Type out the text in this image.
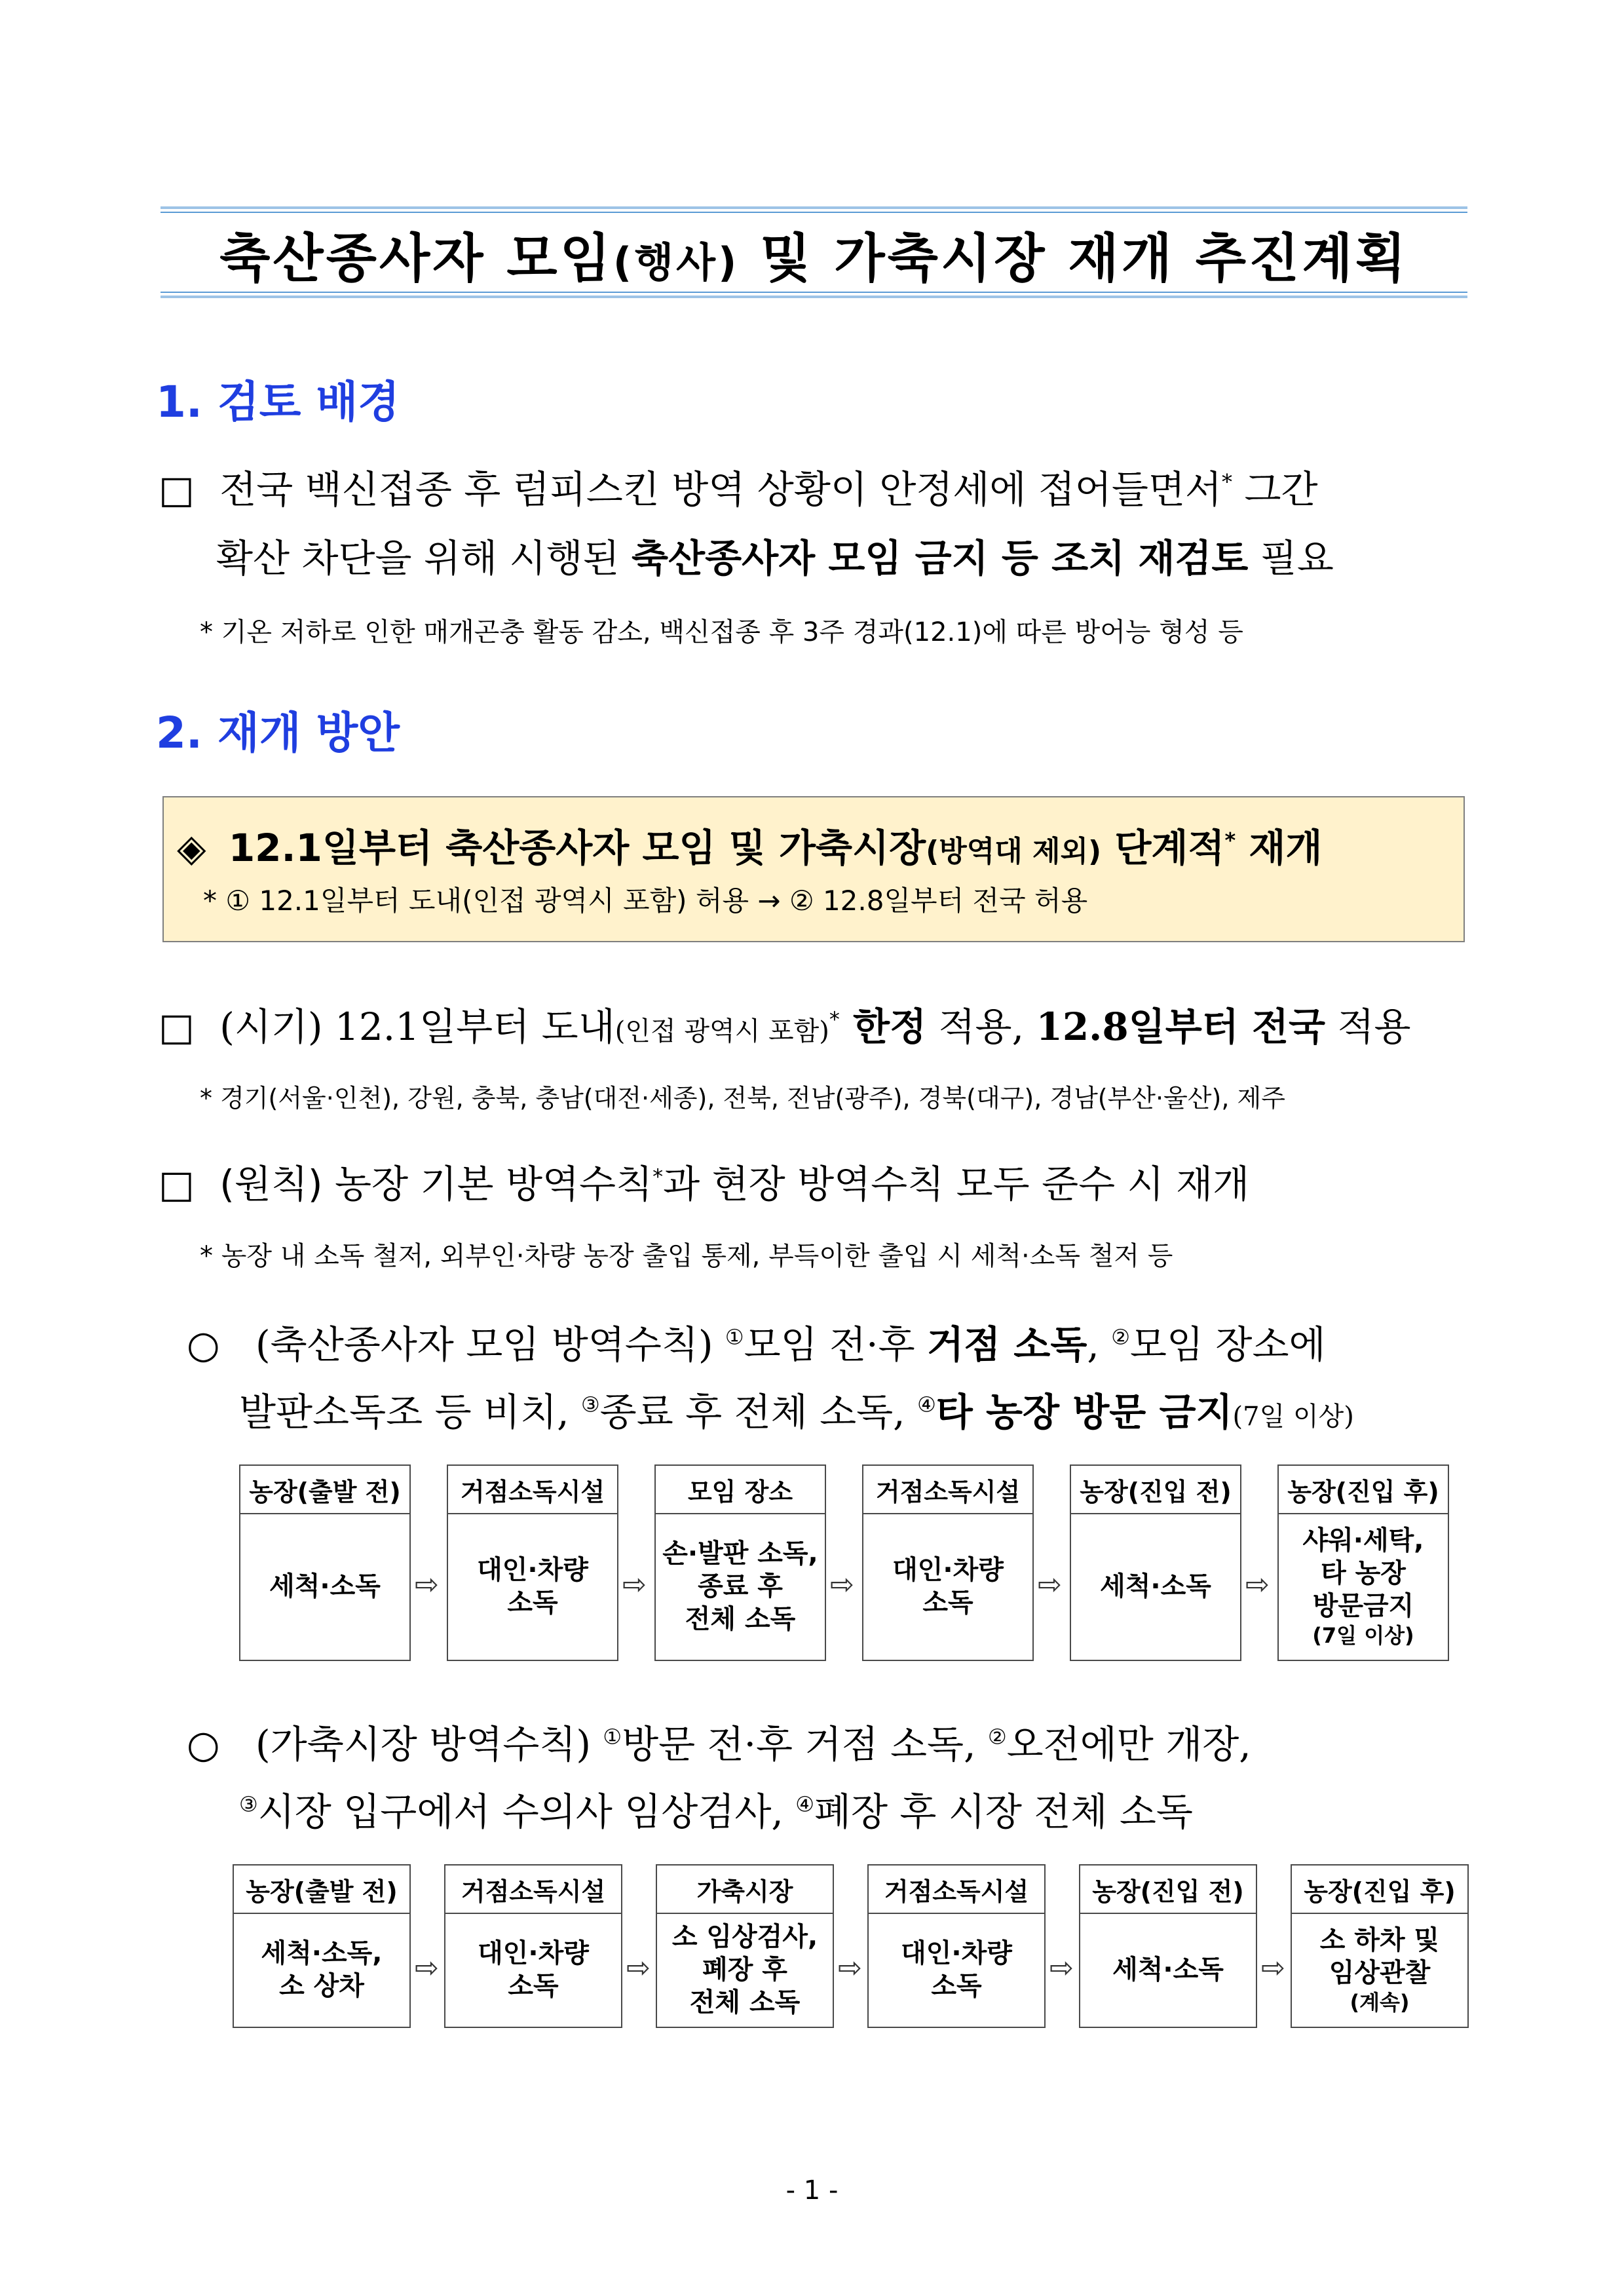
축산종사자 모임(행사) 및 가축시장 재개 추진계획
1. 검토 배경
□ 전국 백신접종 후 럼피스킨 방역 상황이 안정세에 접어들면서* 그간
확산 차단을 위해 시행된 축산종사자 모임 금지 등 조치 재검토 필요
* 기온 저하로 인한 매개곤충 활동 감소, 백신접종 후 3주 경과(12.1)에 따른 방어능 형성 등
2. 재개 방안
◈ 12.1일부터 축산종사자 모임 및 가축시장(방역대 제외) 단계적* 재개
* ① 12.1일부터 도내(인접 광역시 포함) 허용 → ② 12.8일부터 전국 허용
□ (시기) 12.1일부터 도내(인접 광역시 포함)* 한정 적용, 12.8일부터 전국 적용
* 경기(서울·인천), 강원, 충북, 충남(대전·세종), 전북, 전남(광주), 경북(대구), 경남(부산·울산), 제주
□ (원칙) 농장 기본 방역수칙*과 현장 방역수칙 모두 준수 시 재개
* 농장 내 소독 철저, 외부인·차량 농장 출입 통제, 부득이한 출입 시 세척·소독 철저 등
○ (축산종사자 모임 방역수칙) ①모임 전·후 거점 소독, ②모임 장소에
발판소독조 등 비치, ③종료 후 전체 소독, ④타 농장 방문 금지(7일 이상)
○ (가축시장 방역수칙) ①방문 전·후 거점 소독, ②오전에만 개장,
③시장 입구에서 수의사 임상검사, ④폐장 후 시장 전체 소독
- 1 -
농장(출발 전)
세척·소독 ⇨
거점소독시설
대인·차량
소독
⇨
모임 장소
손·발판 소독,
종료 후
전체 소독
⇨
거점소독시설
대인·차량
소독
⇨
농장(진입 전)
세척·소독 ⇨
농장(진입 후)
샤워·세탁,
타 농장
방문금지
(7일 이상)
농장(출발 전)
세척·소독,
소 상차
⇨
거점소독시설
대인·차량
소독
⇨
가축시장
소 임상검사,
폐장 후
전체 소독
⇨
거점소독시설
대인·차량
소독
⇨
농장(진입 전)
세척·소독 ⇨
농장(진입 후)
소 하차 및
임상관찰
(계속)
